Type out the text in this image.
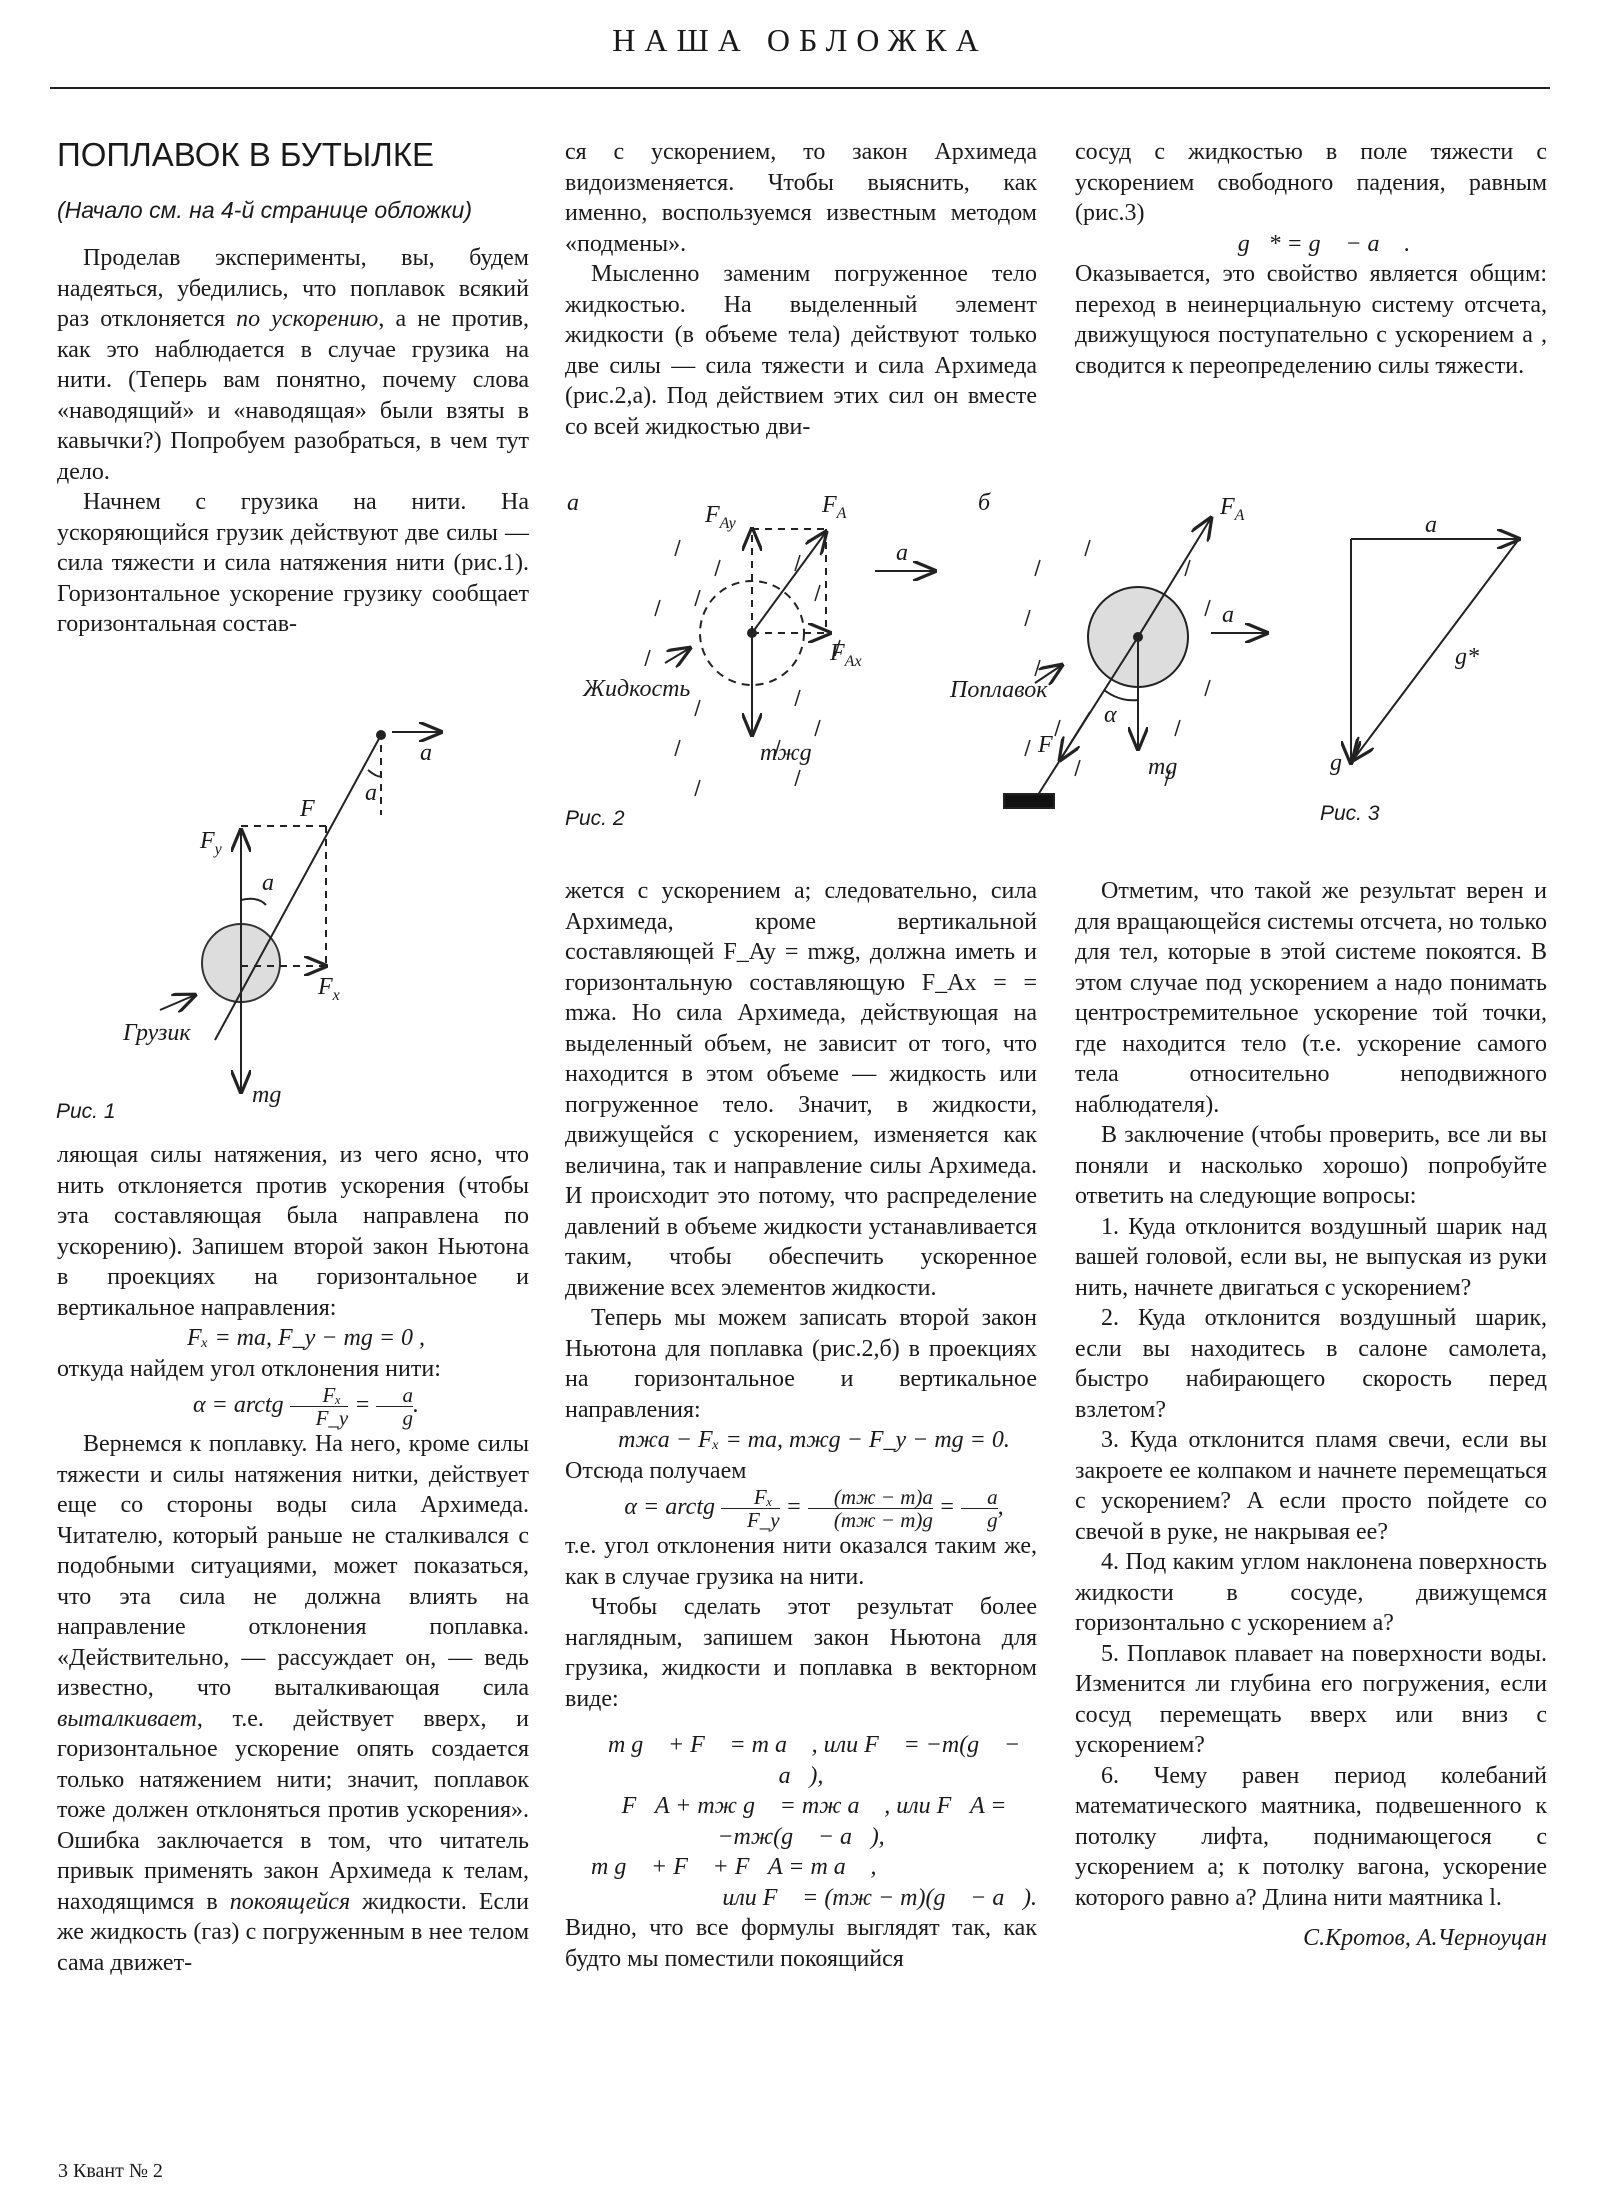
НАША ОБЛОЖКА
ПОПЛАВОК В БУТЫЛКЕ
(Начало см. на 4-й странице обложки)

Проделав эксперименты, вы, будем надеяться, убедились, что поплавок всякий раз отклоняется по ускорению, а не против, как это наблюдается в случае грузика на нити. (Теперь вам понятно, почему слова «наводящий» и «наводящая» были взяты в кавычки?) Попробуем разобраться, в чем тут дело.

Начнем с грузика на нити. На ускоряющийся грузик действуют две силы — сила тяжести и сила натяжения нити (рис.1). Горизонтальное ускорение грузику сообщает горизонтальная состав-

a
a
F
$F_y$
a
$F_x$
Грузик
mg
Рис. 1

ляющая силы натяжения, из чего ясно, что нить отклоняется против ускорения (чтобы эта составляющая была направлена по ускорению). Запишем второй закон Ньютона в проекциях на горизонтальное и вертикальное направления:

Fₓ = ma, F_y − mg = 0 ,

откуда найдем угол отклонения нити:

α = arctg $\frac{\text{Fₓ}}{F\_y} = \frac{a}{g}$ .

Вернемся к поплавку. На него, кроме силы тяжести и силы натяжения нитки, действует еще со стороны воды сила Архимеда. Читателю, который раньше не сталкивался с подобными ситуациями, может показаться, что эта сила не должна влиять на направление отклонения поплавка. «Действительно, — рассуждает он, — ведь известно, что выталкивающая сила выталкивает, т.е. действует вверх, и горизонтальное ускорение опять создается только натяжением нити; значит, поплавок тоже должен отклоняться против ускорения». Ошибка заключается в том, что читатель привык применять закон Архимеда к телам, находящимся в покоящейся жидкости. Если же жидкость (газ) с погруженным в нее телом сама движет-

ся с ускорением, то закон Архимеда видоизменяется. Чтобы выяснить, как именно, воспользуемся известным методом «подмены».

Мысленно заменим погруженное тело жидкостью. На выделенный элемент жидкости (в объеме тела) действуют только две силы — сила тяжести и сила Архимеда (рис.2,а). Под действием этих сил он вместе со всей жидкостью дви-

а	$F_{Ay}$
$F_A$
a
$F_{Ax}$
Жидкость
mжg
Рис. 2
б	$F_A$
a
Поплавок
α
F
mg
a
g*
g
Рис. 3

жется с ускорением a; следовательно, сила Архимеда, кроме вертикальной составляющей F_Ay = mжg, должна иметь и горизонтальную составляющую F_Ax = = mжa. Но сила Архимеда, действующая на выделенный объем, не зависит от того, что находится в этом объеме — жидкость или погруженное тело. Значит, в жидкости, движущейся с ускорением, изменяется как величина, так и направление силы Архимеда. И происходит это потому, что распределение давлений в объеме жидкости устанавливается таким, чтобы обеспечить ускоренное движение всех элементов жидкости.

Теперь мы можем записать второй закон Ньютона для поплавка (рис.2,б) в проекциях на горизонтальное и вертикальное направления:

mжa − Fₓ = ma, mжg − F_y − mg = 0.

Отсюда получаем

α = arctg $\frac{\text{Fₓ}}{F\_y}$ =	(mж − m)a
$(mж - m)g = \frac{a}{g}$ ,

т.е. угол отклонения нити оказался таким же, как в случае грузика на нити.

Чтобы сделать этот результат более наглядным, запишем закон Ньютона для грузика, жидкости и поплавка в векторном виде:

m g⃗ + F⃗ = m a⃗ , или F⃗ = −m(g⃗ − a⃗),

F⃗A + mж g⃗ = mж a⃗ , или F⃗A = −mж(g⃗ − a⃗),

m g⃗ + F⃗ + F⃗A = m a⃗ ,

или F⃗ = (mж − m)(g⃗ − a⃗).

Видно, что все формулы выглядят так, как будто мы поместили покоящийся

сосуд с жидкостью в поле тяжести с ускорением свободного падения, равным (рис.3)

g⃗* = g⃗ − a⃗ .

Оказывается, это свойство является общим: переход в неинерциальную систему отсчета, движущуюся поступательно с ускорением a , сводится к переопределению силы тяжести.

Отметим, что такой же результат верен и для вращающейся системы отсчета, но только для тел, которые в этой системе покоятся. В этом случае под ускорением a надо понимать центростремительное ускорение той точки, где находится тело (т.е. ускорение самого тела относительно неподвижного наблюдателя).

В заключение (чтобы проверить, все ли вы поняли и насколько хорошо) попробуйте ответить на следующие вопросы:

1. Куда отклонится воздушный шарик над вашей головой, если вы, не выпуская из руки нить, начнете двигаться с ускорением?

2. Куда отклонится воздушный шарик, если вы находитесь в салоне самолета, быстро набирающего скорость перед взлетом?

3. Куда отклонится пламя свечи, если вы закроете ее колпаком и начнете перемещаться с ускорением? А если просто пойдете со свечой в руке, не накрывая ее?

4. Под каким углом наклонена поверхность жидкости в сосуде, движущемся горизонтально с ускорением a?

5. Поплавок плавает на поверхности воды. Изменится ли глубина его погружения, если сосуд перемещать вверх или вниз с ускорением?

6. Чему равен период колебаний математического маятника, подвешенного к потолку лифта, поднимающегося с ускорением a; к потолку вагона, ускорение которого равно a? Длина нити маятника l.

С.Кротов, А.Черноуцан
3 Квант № 2
